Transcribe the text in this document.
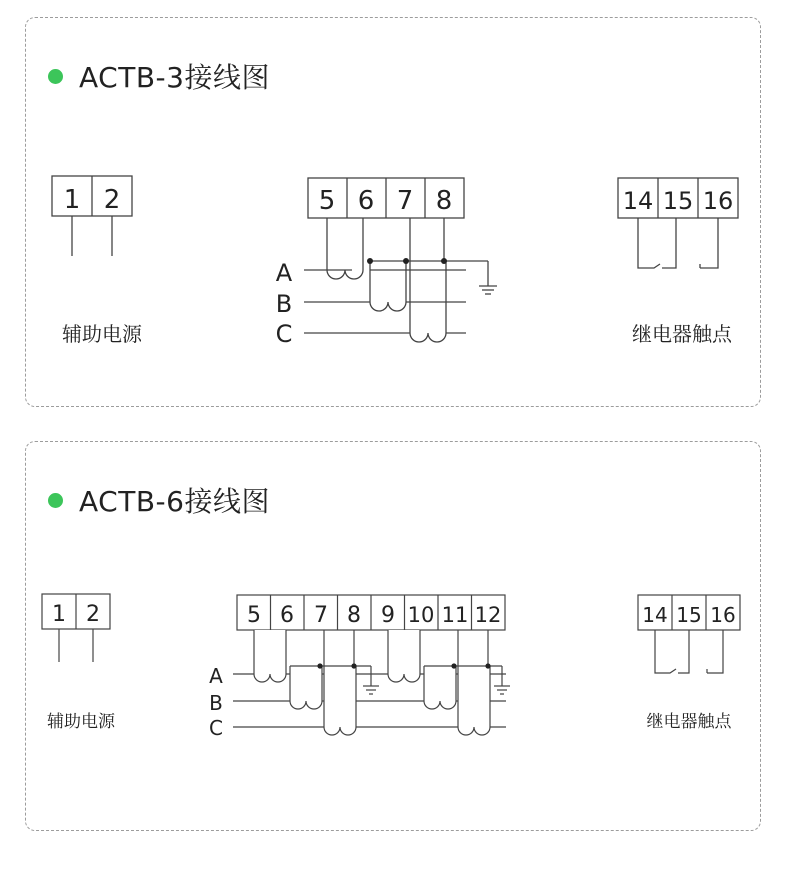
ACTB-3接线图
1 2
辅助电源
5 6 7 8
A
B
C
14 15 16
继电器触点
ACTB-6接线图
1 2
辅助电源
5 6 7 8 9 10 11 12
A
B
C
14 15 16
继电器触点
